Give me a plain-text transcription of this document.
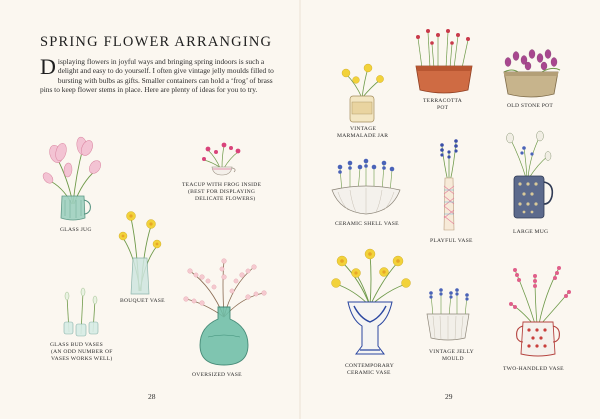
SPRING FLOWER ARRANGING
Displaying flowers in joyful ways and bringing spring indoors is such a delight and easy to do yourself. I often give vintage jelly moulds filled to bursting with bulbs as gifts. Smaller containers can hold a ‘frog’ of brass pins to keep flower stems in place. Here are plenty of ideas for you to try.
GLASS JUG
TEACUP WITH FROG INSIDE
(BEST FOR DISPLAYING
DELICATE FLOWERS)
BOUQUET VASE
GLASS BUD VASES
(AN ODD NUMBER OF
VASES WORKS WELL)
OVERSIZED VASE
28
VINTAGE
MARMALADE JAR
TERRACOTTA
POT	OLD STONE POT
CERAMIC SHELL VASE
PLAYFUL VASE
LARGE MUG
CONTEMPORARY
CERAMIC VASE
VINTAGE JELLY
MOULD
TWO-HANDLED VASE
29
